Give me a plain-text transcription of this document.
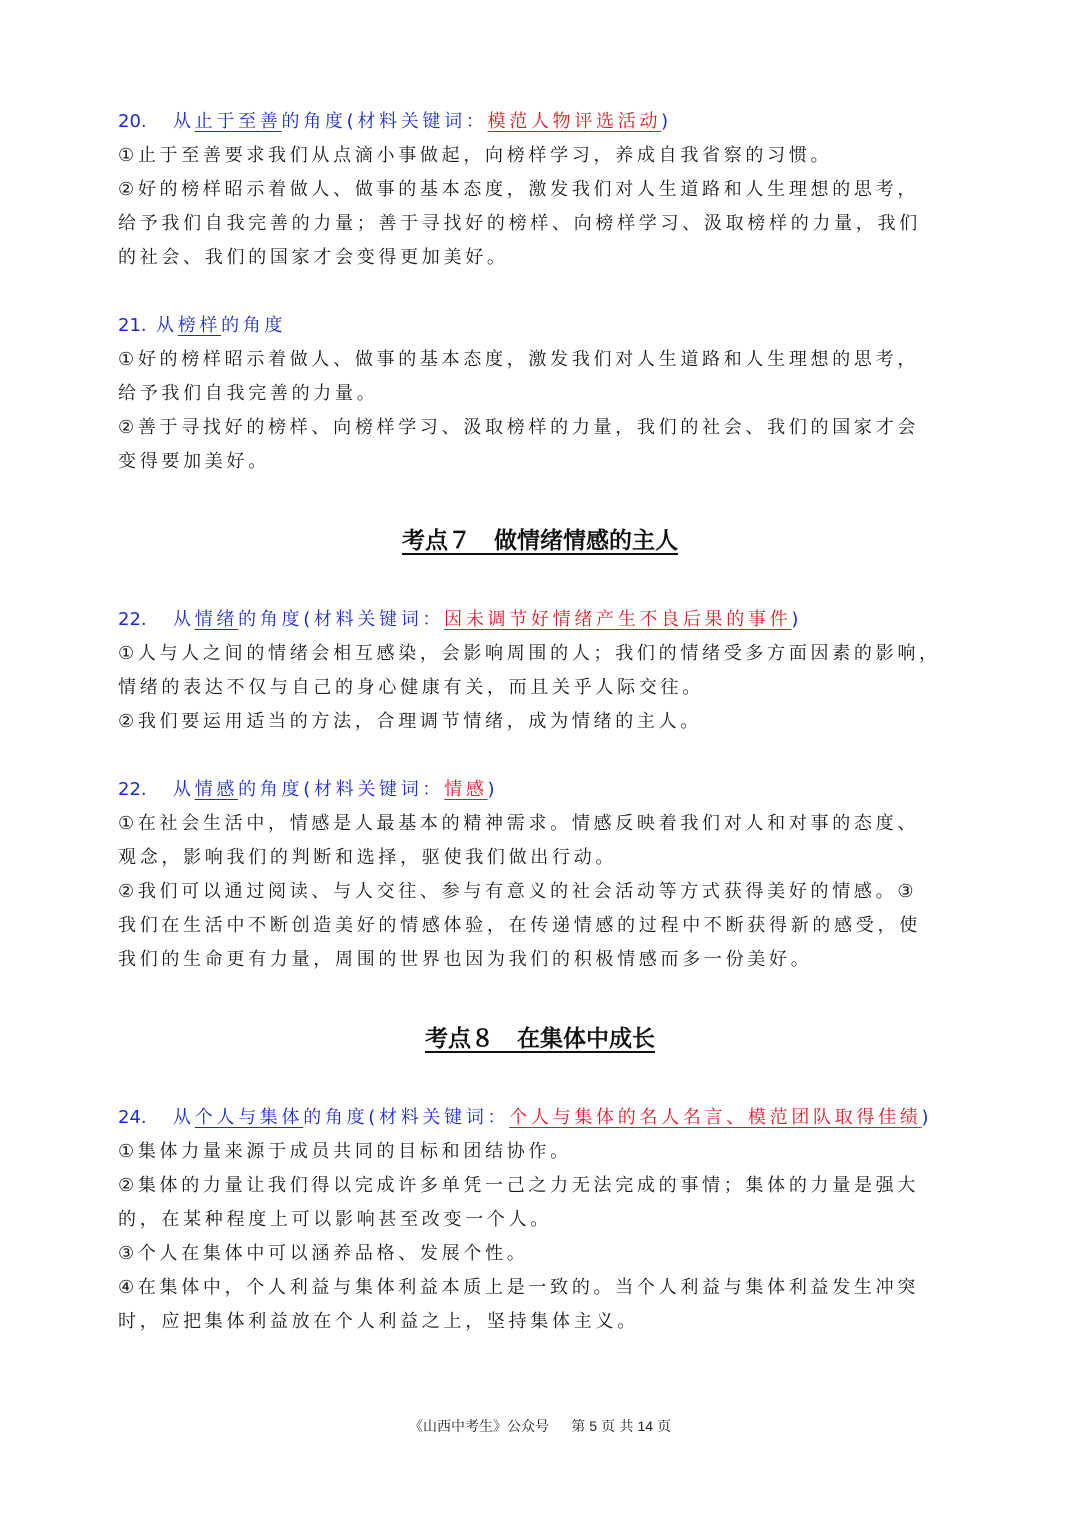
20. 从止于至善的角度(材料关键词：模范人物评选活动)
①止于至善要求我们从点滴小事做起，向榜样学习，养成自我省察的习惯。
②好的榜样昭示着做人、做事的基本态度，激发我们对人生道路和人生理想的思考，
给予我们自我完善的力量；善于寻找好的榜样、向榜样学习、汲取榜样的力量，我们
的社会、我们的国家才会变得更加美好。
21. 从榜样的角度
①好的榜样昭示着做人、做事的基本态度，激发我们对人生道路和人生理想的思考，
给予我们自我完善的力量。
②善于寻找好的榜样、向榜样学习、汲取榜样的力量，我们的社会、我们的国家才会
变得要加美好。
考点７　做情绪情感的主人
22. 从情绪的角度(材料关键词：因未调节好情绪产生不良后果的事件)
①人与人之间的情绪会相互感染，会影响周围的人；我们的情绪受多方面因素的影响，
情绪的表达不仅与自己的身心健康有关，而且关乎人际交往。
②我们要运用适当的方法，合理调节情绪，成为情绪的主人。
22. 从情感的角度(材料关键词：情感)
①在社会生活中，情感是人最基本的精神需求。情感反映着我们对人和对事的态度、
观念，影响我们的判断和选择，驱使我们做出行动。
②我们可以通过阅读、与人交往、参与有意义的社会活动等方式获得美好的情感。③
我们在生活中不断创造美好的情感体验，在传递情感的过程中不断获得新的感受，使
我们的生命更有力量，周围的世界也因为我们的积极情感而多一份美好。
考点８　在集体中成长
24. 从个人与集体的角度(材料关键词：个人与集体的名人名言、模范团队取得佳绩)
①集体力量来源于成员共同的目标和团结协作。
②集体的力量让我们得以完成许多单凭一己之力无法完成的事情；集体的力量是强大
的，在某种程度上可以影响甚至改变一个人。
③个人在集体中可以涵养品格、发展个性。
④在集体中，个人利益与集体利益本质上是一致的。当个人利益与集体利益发生冲突
时，应把集体利益放在个人利益之上，坚持集体主义。
《山西中考生》公众号 第 5 页 共 14 页
